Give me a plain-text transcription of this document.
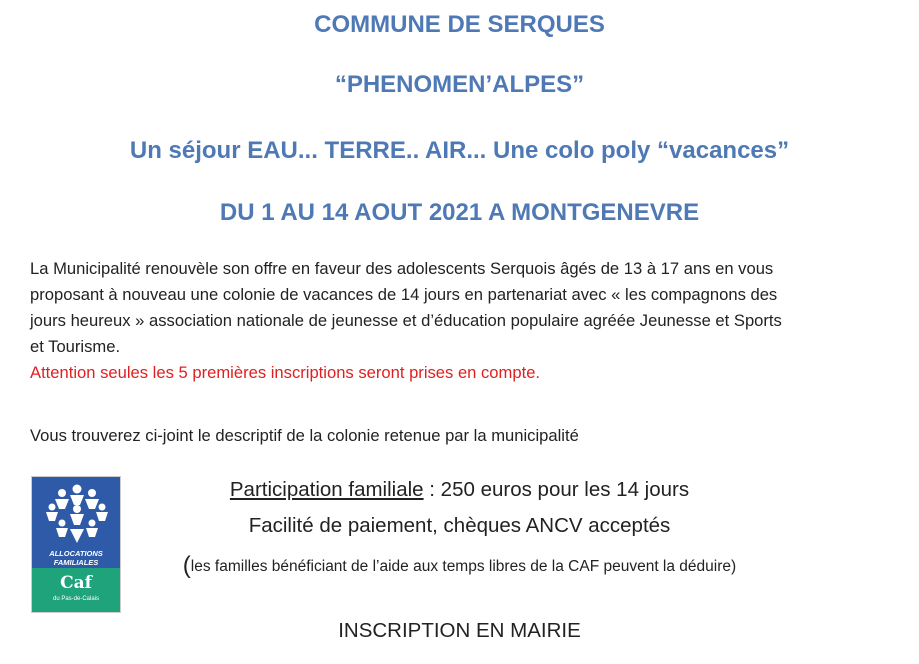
COMMUNE DE SERQUES
“PHENOMEN’ALPES”
Un séjour EAU... TERRE.. AIR... Une colo poly “vacances”
DU 1 AU 14 AOUT 2021 A MONTGENEVRE

La Municipalité renouvèle son offre en faveur des adolescents Serquois âgés de 13 à 17 ans en vous

proposant à nouveau une colonie de vacances de 14 jours en partenariat avec « les compagnons des

jours heureux » association nationale de jeunesse et d’éducation populaire agréée Jeunesse et Sports

et Tourisme.

Attention seules les 5 premières inscriptions seront prises en compte.

Vous trouverez ci-joint le descriptif de la colonie retenue par la municipalité
ALLOCATIONS
FAMILIALES
Caf
du Pas-de-Calais
Participation familiale : 250 euros pour les 14 jours
Facilité de paiement, chèques ANCV acceptés
(les familles bénéficiant de l’aide aux temps libres de la CAF peuvent la déduire)
INSCRIPTION EN MAIRIE
